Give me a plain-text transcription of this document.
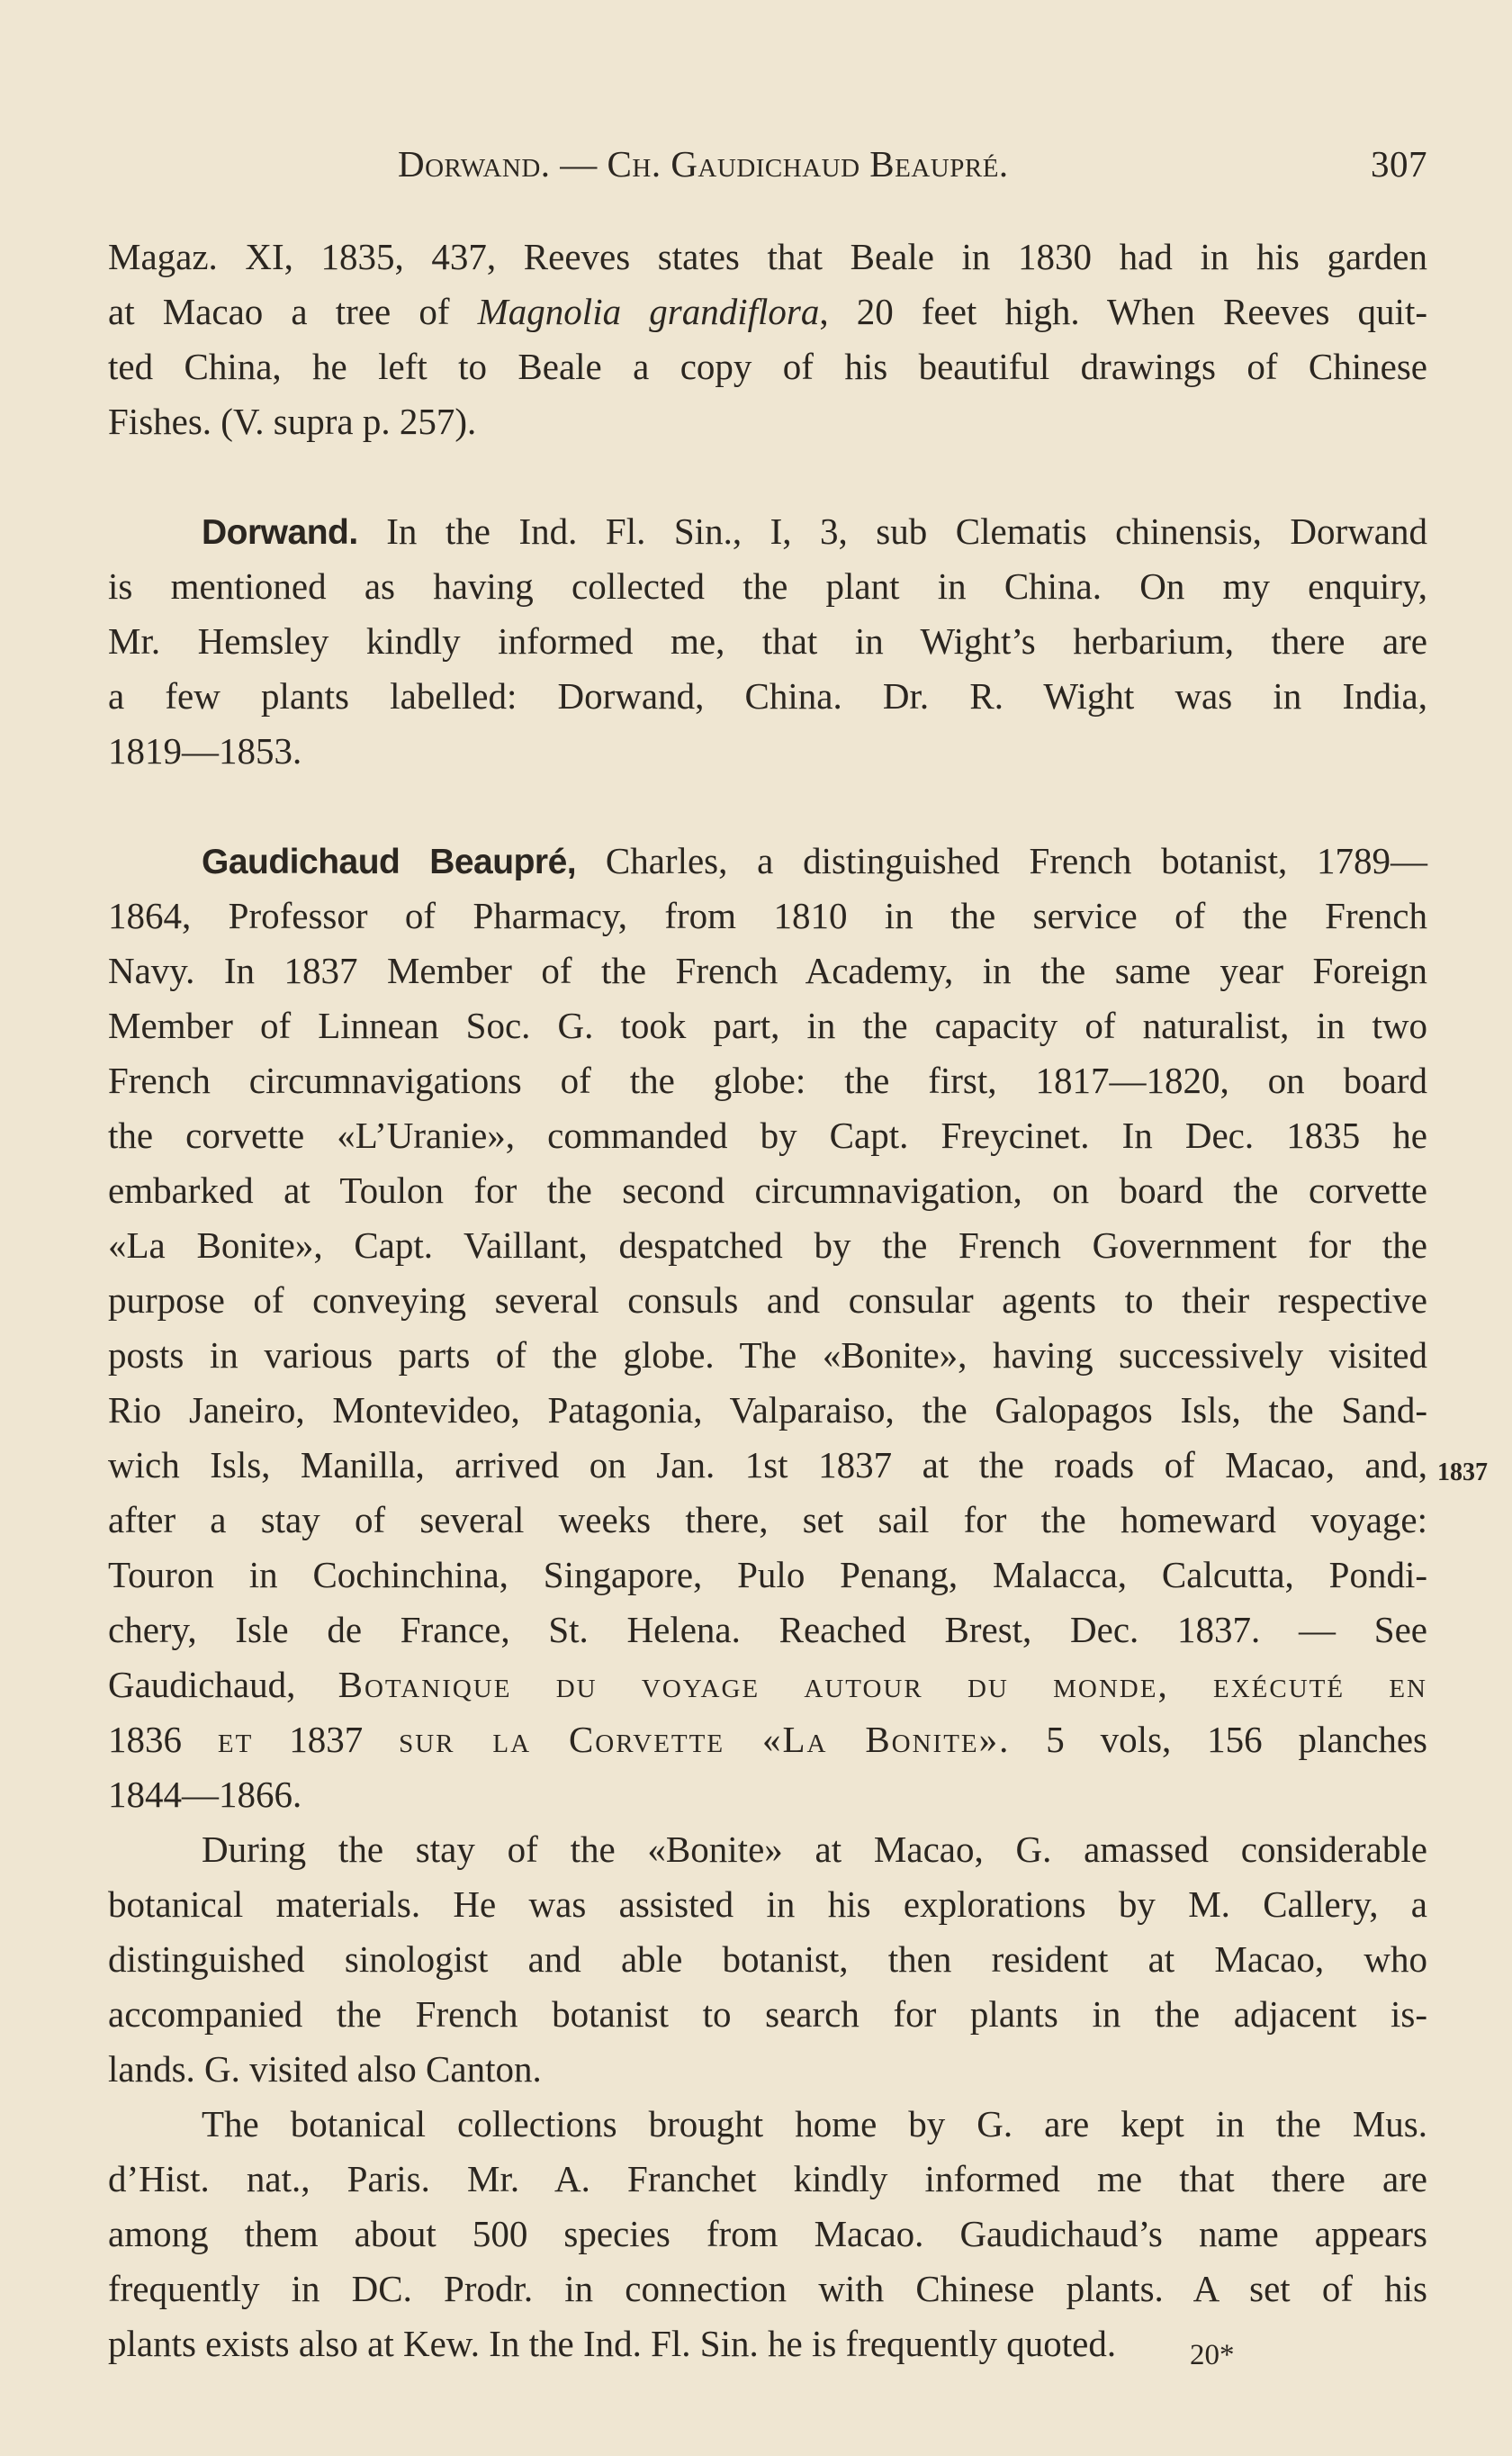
Dorwand. — Ch. Gaudichaud Beaupré.	307
Magaz. XI, 1835, 437, Reeves states that Beale in 1830 had in his garden
at Macao a tree of Magnolia grandiflora, 20 feet high. When Reeves quit-
ted China, he left to Beale a copy of his beautiful drawings of Chinese
Fishes. (V. supra p. 257).
Dorwand. In the Ind. Fl. Sin., I, 3, sub Clematis chinensis, Dorwand
is mentioned as having collected the plant in China. On my enquiry,
Mr. Hemsley kindly informed me, that in Wight’s herbarium, there are
a few plants labelled: Dorwand, China. Dr. R. Wight was in India,
1819—1853.
Gaudichaud Beaupré, Charles, a distinguished French botanist, 1789—
1864, Professor of Pharmacy, from 1810 in the service of the French
Navy. In 1837 Member of the French Academy, in the same year Foreign
Member of Linnean Soc. G. took part, in the capacity of naturalist, in two
French circumnavigations of the globe: the first, 1817—1820, on board
the corvette «L’Uranie», commanded by Capt. Freycinet. In Dec. 1835 he
embarked at Toulon for the second circumnavigation, on board the corvette
«La Bonite», Capt. Vaillant, despatched by the French Government for the
purpose of conveying several consuls and consular agents to their respective
posts in various parts of the globe. The «Bonite», having successively visited
Rio Janeiro, Montevideo, Patagonia, Valparaiso, the Galopagos Isls, the Sand-
wich Isls, Manilla, arrived on Jan. 1st 1837 at the roads of Macao, and,
after a stay of several weeks there, set sail for the homeward voyage:
Touron in Cochinchina, Singapore, Pulo Penang, Malacca, Calcutta, Pondi-
chery, Isle de France, St. Helena. Reached Brest, Dec. 1837. — See
Gaudichaud, Botanique du voyage autour du monde, exécuté en
1836 et 1837 sur la Corvette «La Bonite». 5 vols, 156 planches
1844—1866.
During the stay of the «Bonite» at Macao, G. amassed considerable
botanical materials. He was assisted in his explorations by M. Callery, a
distinguished sinologist and able botanist, then resident at Macao, who
accompanied the French botanist to search for plants in the adjacent is-
lands. G. visited also Canton.
The botanical collections brought home by G. are kept in the Mus.
d’Hist. nat., Paris. Mr. A. Franchet kindly informed me that there are
among them about 500 species from Macao. Gaudichaud’s name appears
frequently in DC. Prodr. in connection with Chinese plants. A set of his
plants exists also at Kew. In the Ind. Fl. Sin. he is frequently quoted.
1837
20*
